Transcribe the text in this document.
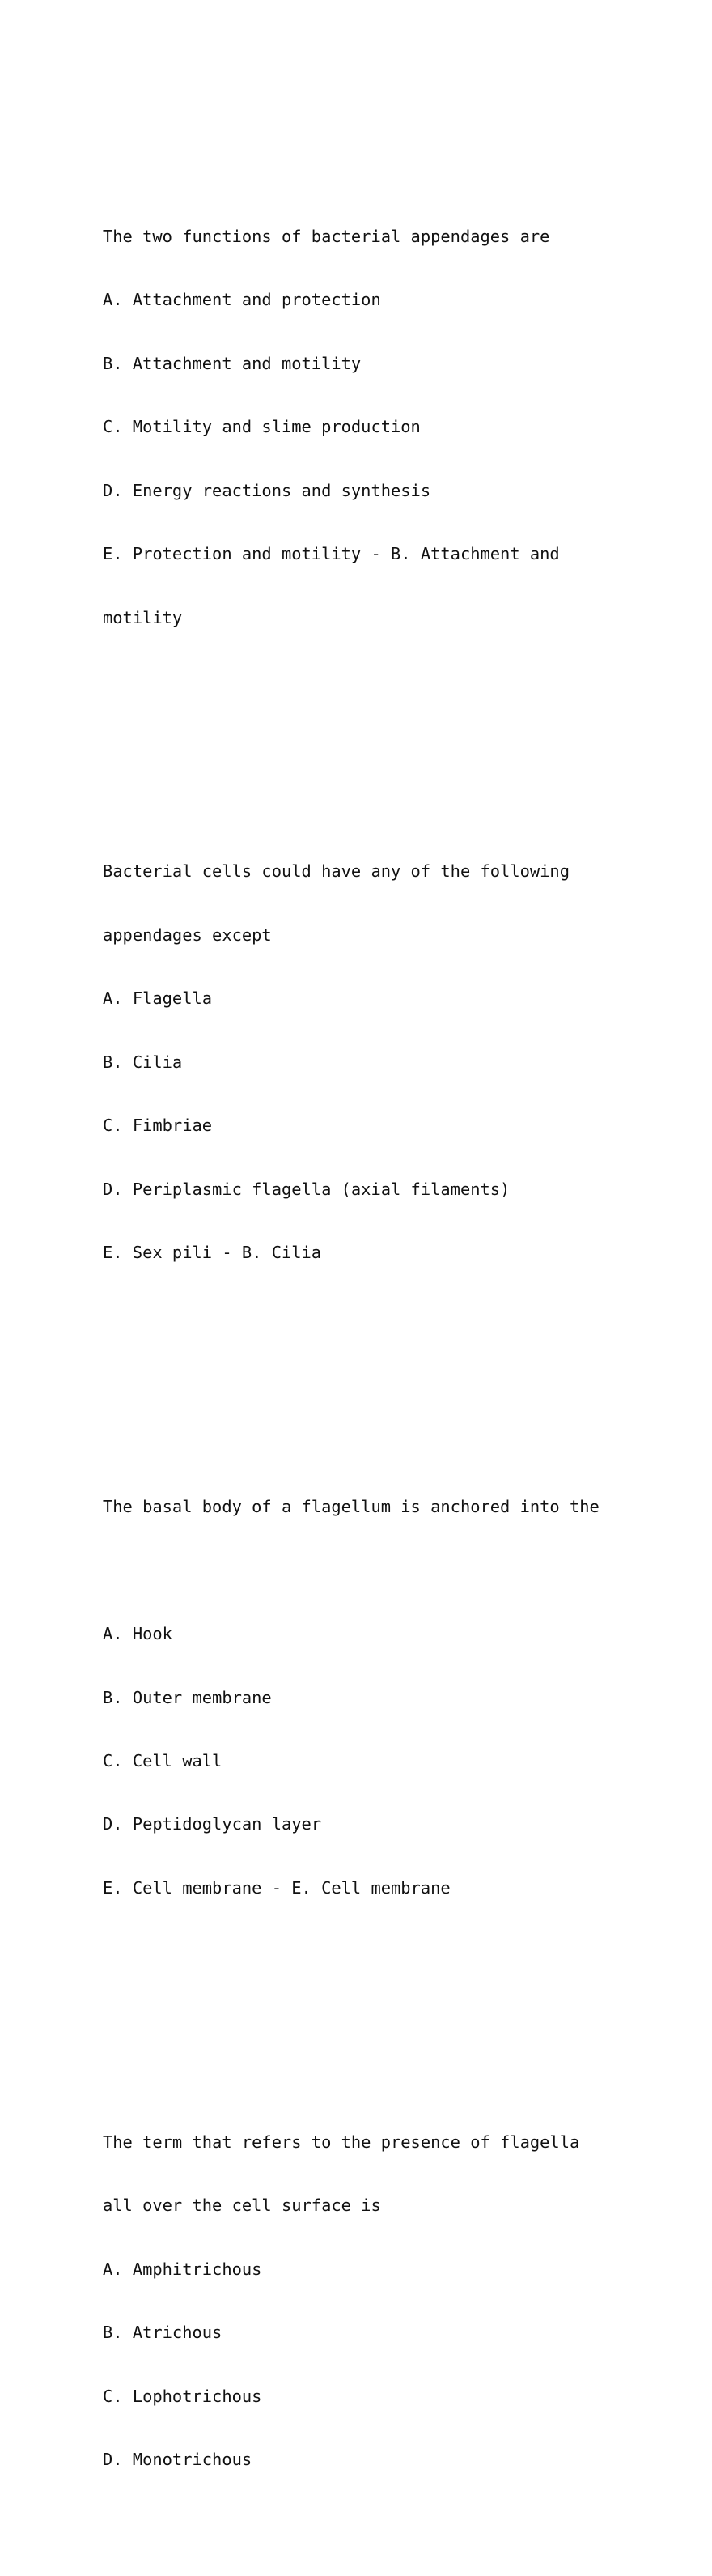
The two functions of bacterial appendages are

A. Attachment and protection

B. Attachment and motility

C. Motility and slime production

D. Energy reactions and synthesis

E. Protection and motility - B. Attachment and

motility

Bacterial cells could have any of the following

appendages except

A. Flagella

B. Cilia

C. Fimbriae

D. Periplasmic flagella (axial filaments)

E. Sex pili - B. Cilia

The basal body of a flagellum is anchored into the

A. Hook

B. Outer membrane

C. Cell wall

D. Peptidoglycan layer

E. Cell membrane - E. Cell membrane

The term that refers to the presence of flagella

all over the cell surface is

A. Amphitrichous

B. Atrichous

C. Lophotrichous

D. Monotrichous
